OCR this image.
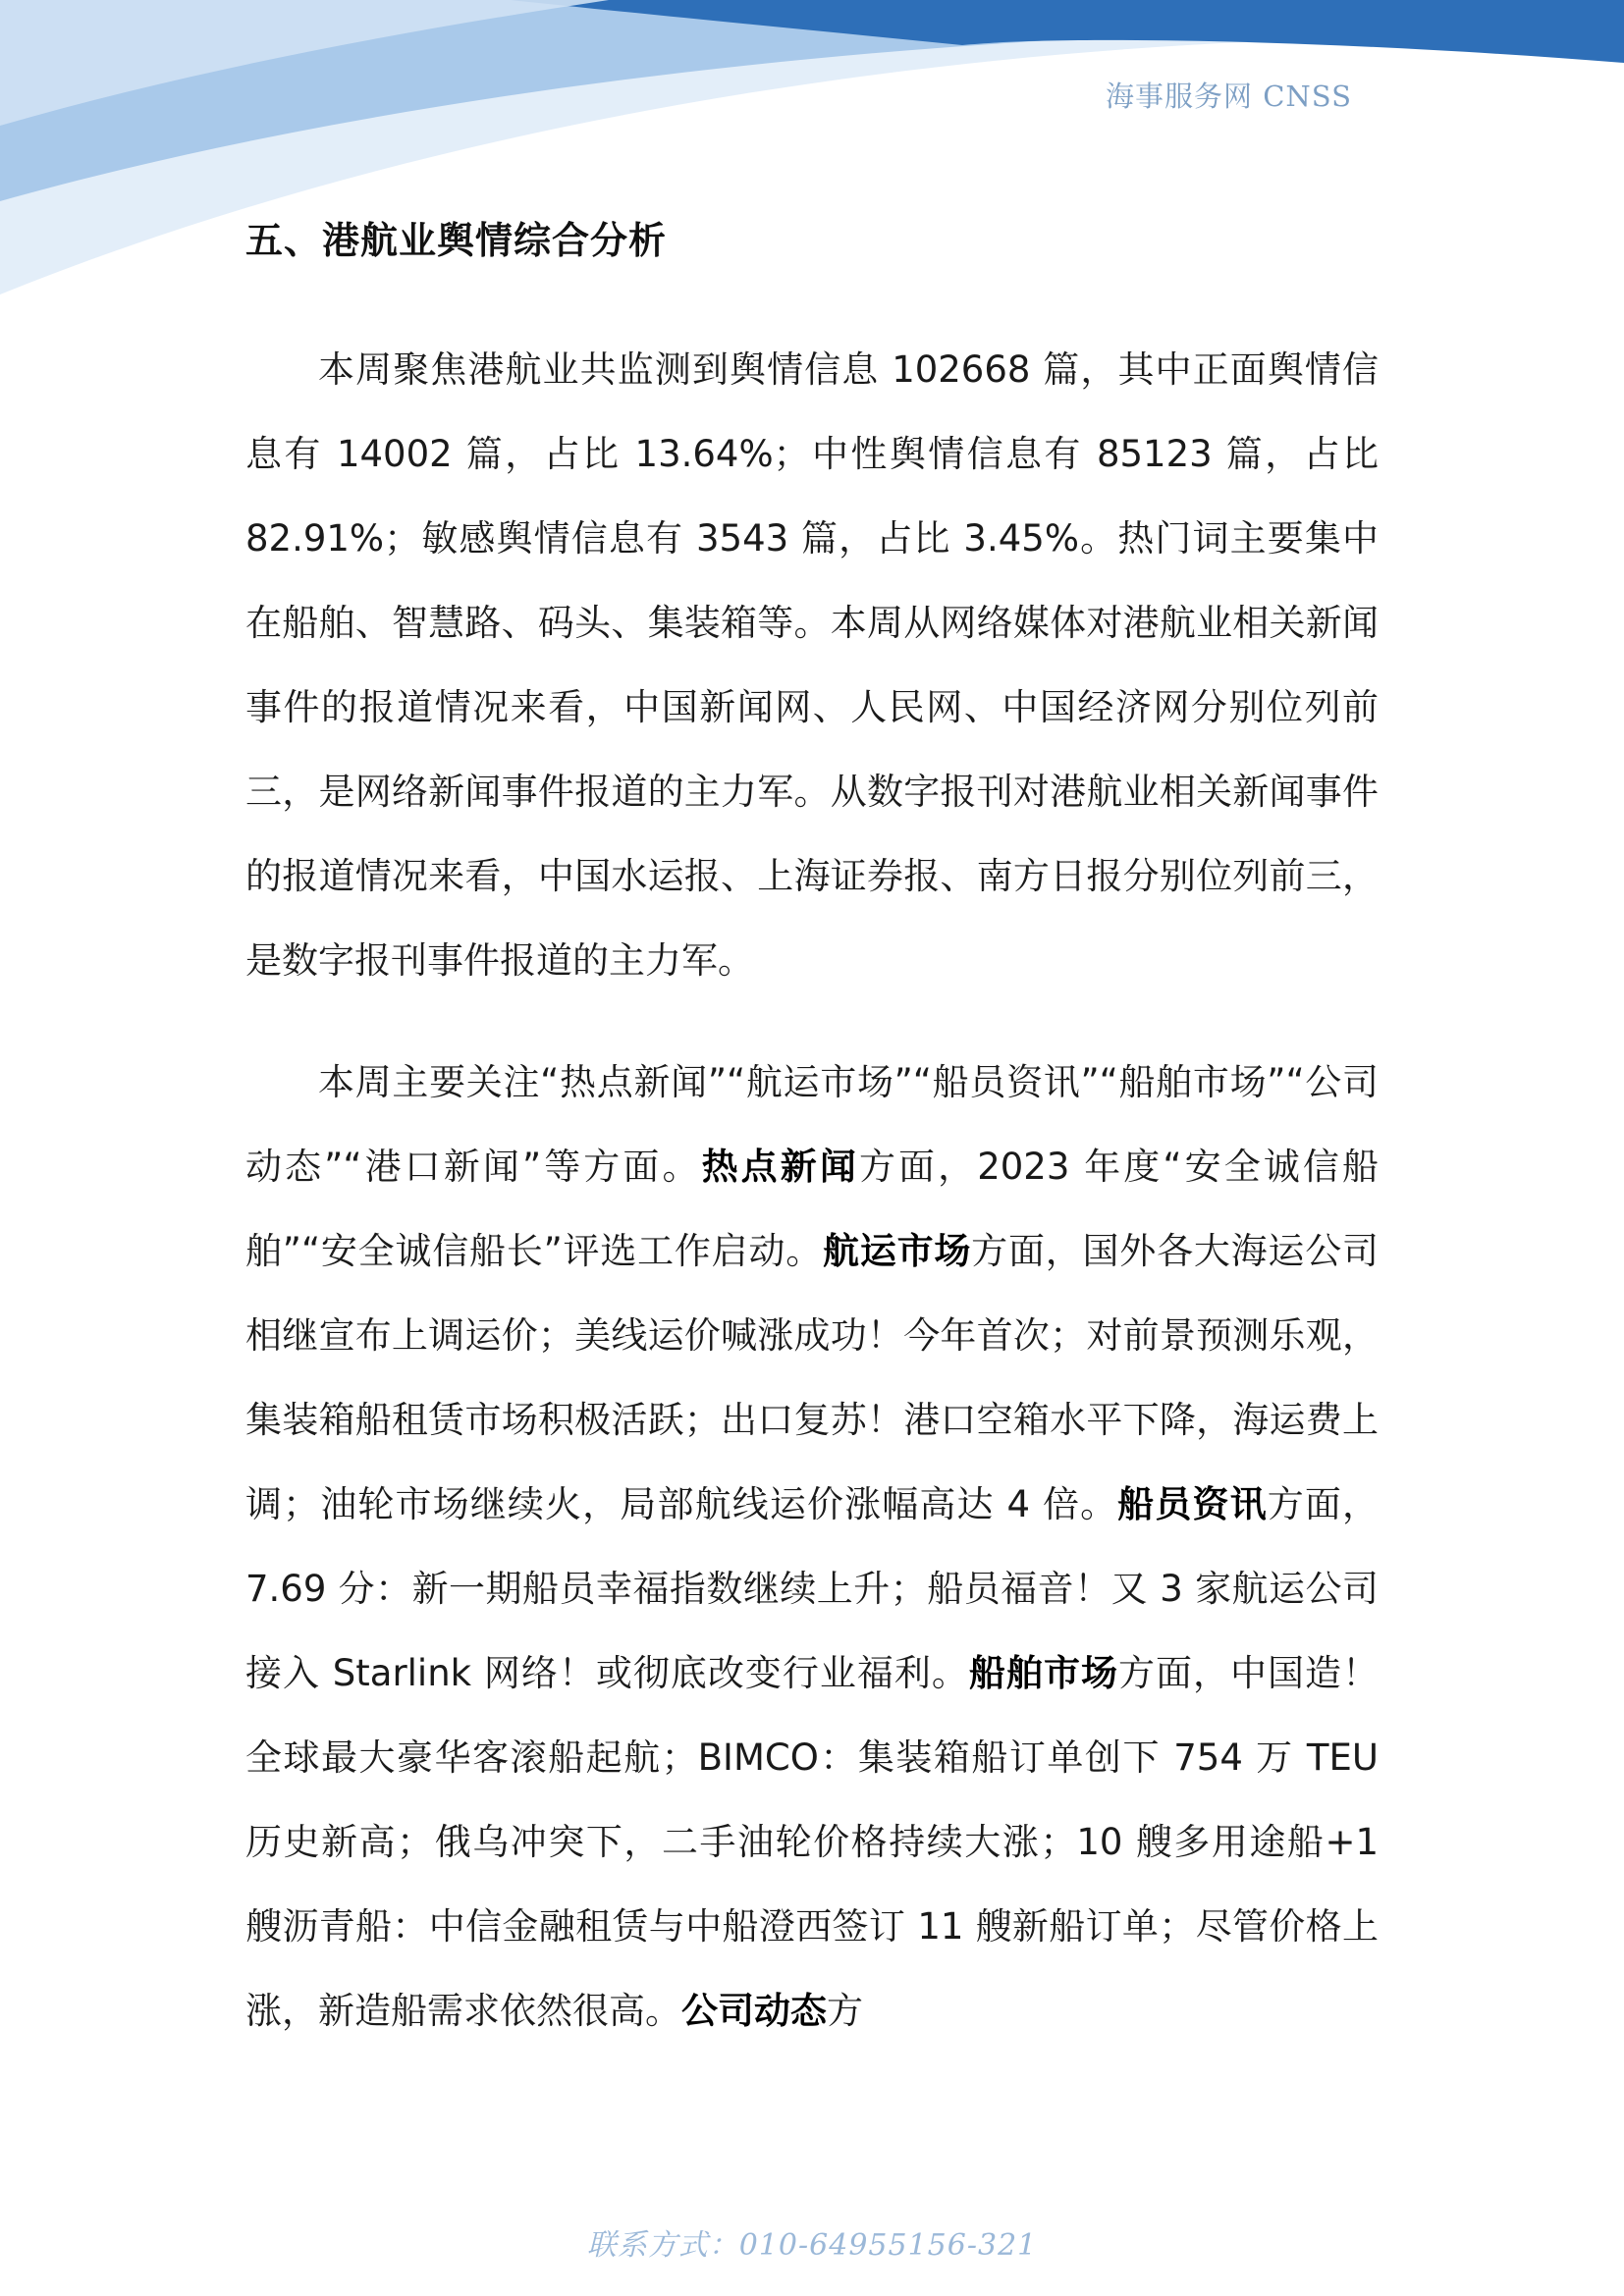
海事服务网 CNSS
五、港航业舆情综合分析

本周聚焦港航业共监测到舆情信息 102668 篇，其中正面舆情信息有 14002 篇，占比 13.64%；中性舆情信息有 85123 篇，占比 82.91%；敏感舆情信息有 3543 篇，占比 3.45%。热门词主要集中在船舶、智慧路、码头、集装箱等。本周从网络媒体对港航业相关新闻事件的报道情况来看，中国新闻网、人民网、中国经济网分别位列前三，是网络新闻事件报道的主力军。从数字报刊对港航业相关新闻事件的报道情况来看，中国水运报、上海证券报、南方日报分别位列前三，是数字报刊事件报道的主力军。

本周主要关注“热点新闻”“航运市场”“船员资讯”“船舶市场”“公司动态”“港口新闻”等方面。热点新闻方面，2023 年度“安全诚信船舶”“安全诚信船长”评选工作启动。航运市场方面，国外各大海运公司相继宣布上调运价；美线运价喊涨成功！今年首次；对前景预测乐观，集装箱船租赁市场积极活跃；出口复苏！港口空箱水平下降，海运费上调；油轮市场继续火，局部航线运价涨幅高达 4 倍。船员资讯方面，7.69 分：新一期船员幸福指数继续上升；船员福音！又 3 家航运公司接入 Starlink 网络！或彻底改变行业福利。船舶市场方面，中国造！全球最大豪华客滚船起航；BIMCO：集装箱船订单创下 754 万 TEU 历史新高；俄乌冲突下，二手油轮价格持续大涨；10 艘多用途船+1 艘沥青船：中信金融租赁与中船澄西签订 11 艘新船订单；尽管价格上涨，新造船需求依然很高。公司动态方

联系方式：010-64955156-321
